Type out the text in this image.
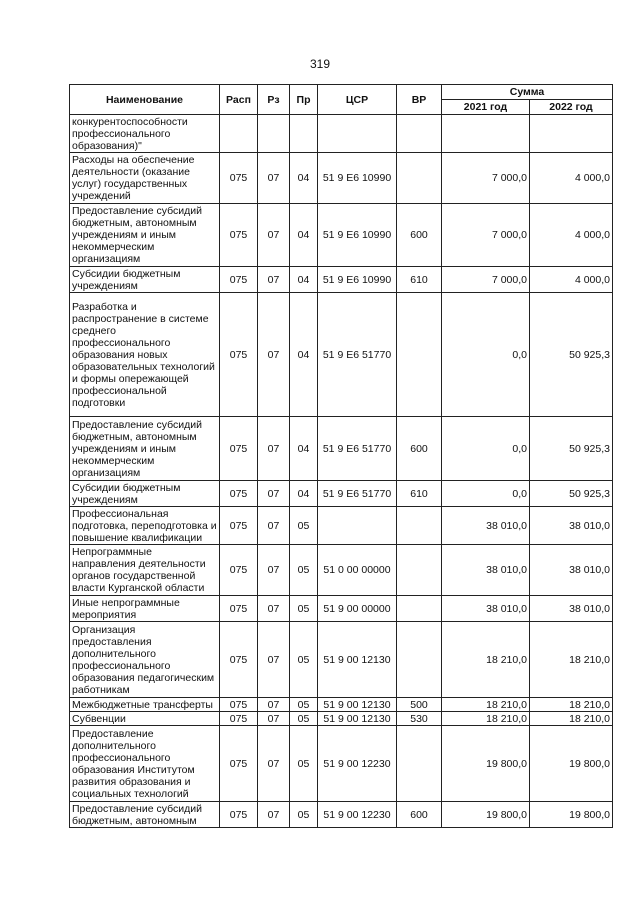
319
Наименование	Расп	Рз	Пр	ЦСР	ВР	Сумма	
						2021 год	2022 год
конкурентоспособности профессионального образования)"							
Расходы на обеспечение деятельности (оказание услуг) государственных учреждений	075	07	04	51 9 Е6 10990		7 000,0	4 000,0
Предоставление субсидий бюджетным, автономным учреждениям и иным некоммерческим организациям	075	07	04	51 9 Е6 10990	600	7 000,0	4 000,0
Субсидии бюджетным учреждениям	075	07	04	51 9 Е6 10990	610	7 000,0	4 000,0
Разработка и распространение в системе среднего профессионального образования новых образовательных технологий и формы опережающей профессиональной подготовки	075	07	04	51 9 Е6 51770		0,0	50 925,3
Предоставление субсидий бюджетным, автономным учреждениям и иным некоммерческим организациям	075	07	04	51 9 Е6 51770	600	0,0	50 925,3
Субсидии бюджетным учреждениям	075	07	04	51 9 Е6 51770	610	0,0	50 925,3
Профессиональная подготовка, переподготовка и повышение квалификации	075	07	05			38 010,0	38 010,0
Непрограммные направления деятельности органов государственной власти Курганской области	075	07	05	51 0 00 00000		38 010,0	38 010,0
Иные непрограммные мероприятия	075	07	05	51 9 00 00000		38 010,0	38 010,0
Организация предоставления дополнительного профессионального образования педагогическим работникам	075	07	05	51 9 00 12130		18 210,0	18 210,0
Межбюджетные трансферты	075	07	05	51 9 00 12130	500	18 210,0	18 210,0
Субвенции	075	07	05	51 9 00 12130	530	18 210,0	18 210,0
Предоставление дополнительного профессионального образования Институтом развития образования и социальных технологий	075	07	05	51 9 00 12230		19 800,0	19 800,0
Предоставление субсидий бюджетным, автономным	075	07	05	51 9 00 12230	600	19 800,0	19 800,0
